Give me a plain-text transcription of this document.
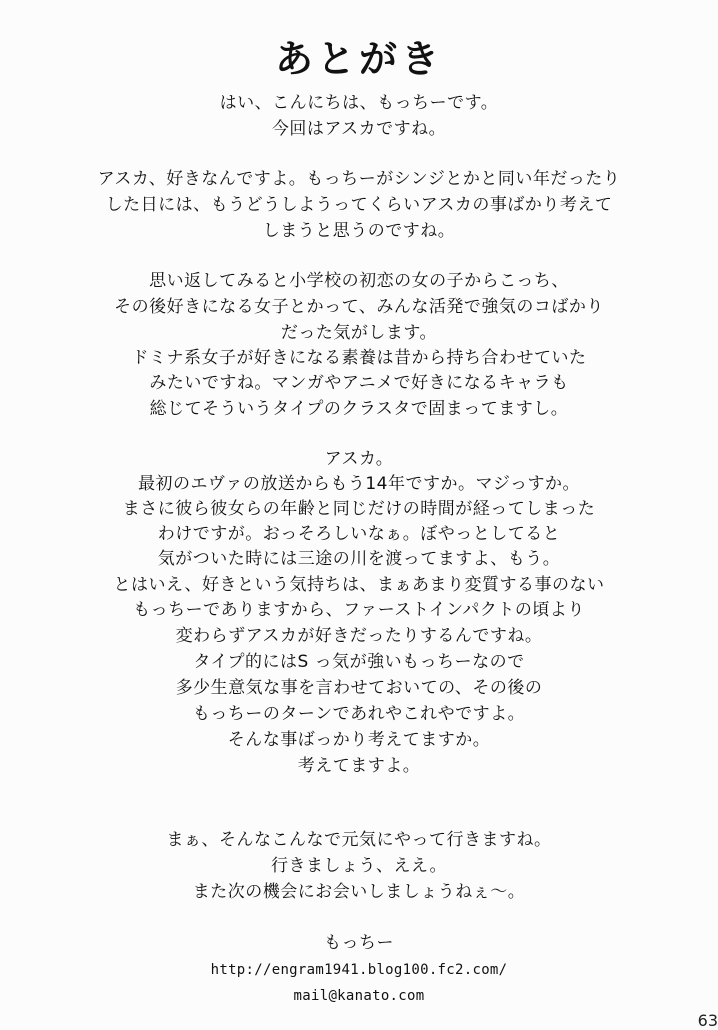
あとがき
はい、こんにちは、もっちーです。
今回はアスカですね。
アスカ、好きなんですよ。もっちーがシンジとかと同い年だったり
した日には、もうどうしようってくらいアスカの事ばかり考えて
しまうと思うのですね。
思い返してみると小学校の初恋の女の子からこっち、
その後好きになる女子とかって、みんな活発で強気のコばかり
だった気がします。
ドミナ系女子が好きになる素養は昔から持ち合わせていた
みたいですね。マンガやアニメで好きになるキャラも
総じてそういうタイプのクラスタで固まってますし。
アスカ。
最初のエヴァの放送からもう14年ですか。マジっすか。
まさに彼ら彼女らの年齢と同じだけの時間が経ってしまった
わけですが。おっそろしいなぁ。ぼやっとしてると
気がついた時には三途の川を渡ってますよ、もう。
とはいえ、好きという気持ちは、まぁあまり変質する事のない
もっちーでありますから、ファーストインパクトの頃より
変わらずアスカが好きだったりするんですね。
タイプ的にはS っ気が強いもっちーなので
多少生意気な事を言わせておいての、その後の
もっちーのターンであれやこれやですよ。
そんな事ばっかり考えてますか。
考えてますよ。
まぁ、そんなこんなで元気にやって行きますね。
行きましょう、ええ。
また次の機会にお会いしましょうねぇ〜。
もっちー
http://engram1941.blog100.fc2.com/
mail@kanato.com
63
